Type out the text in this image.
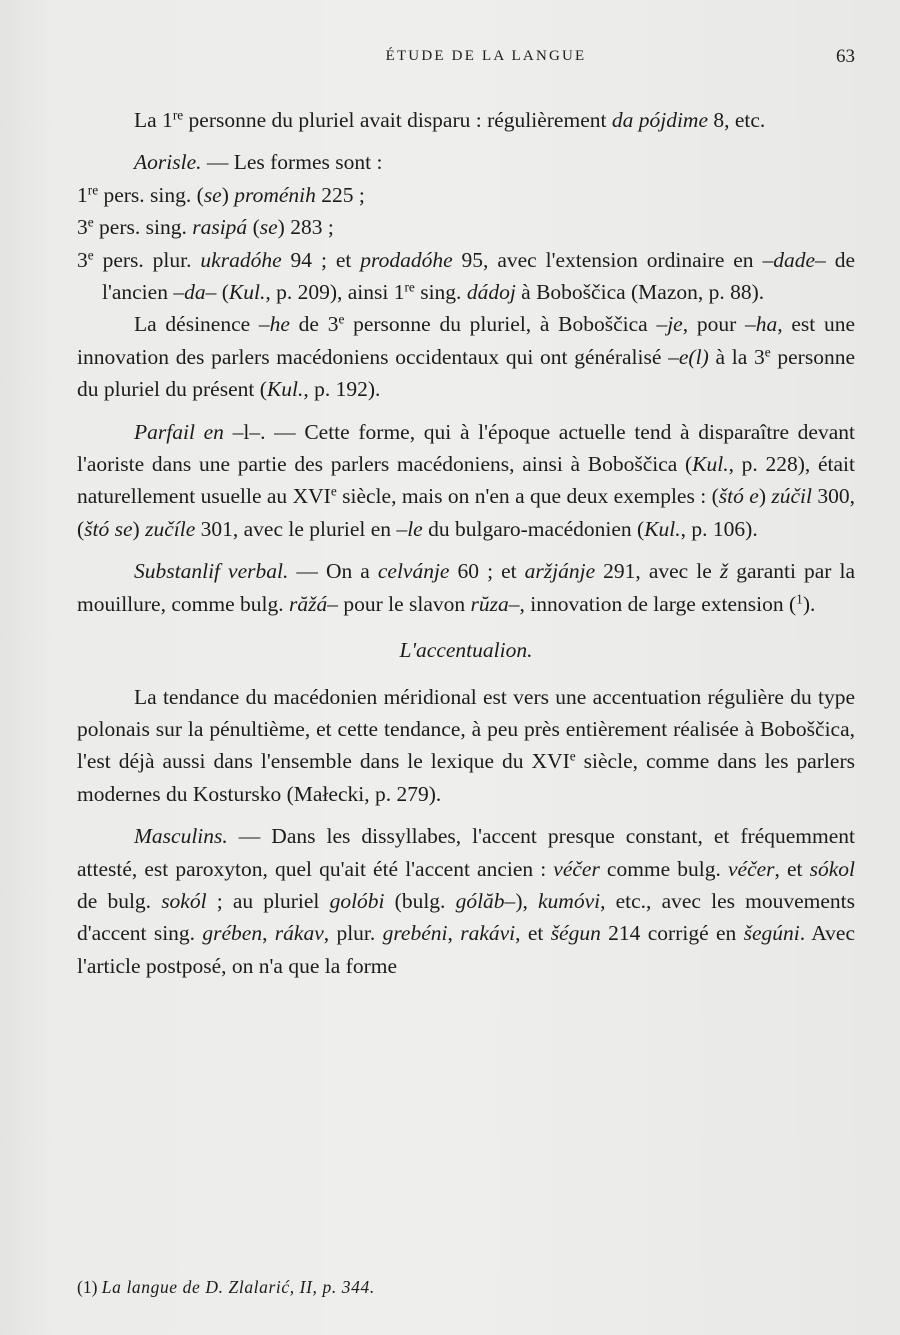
ÉTUDE DE LA LANGUE	63

La 1re personne du pluriel avait disparu : régulièrement da pójdime 8, etc.

Aorisle. — Les formes sont :

1re pers. sing. (se) proménih 225 ;

3e pers. sing. rasipá (se) 283 ;

3e pers. plur. ukradóhe 94 ; et prodadóhe 95, avec l'extension ordinaire en –dade– de l'ancien –da– (Kul., p. 209), ainsi 1re sing. dádoj à Boboščica (Mazon, p. 88).

La désinence –he de 3e personne du pluriel, à Boboščica –je, pour –ha, est une innovation des parlers macédoniens occidentaux qui ont généralisé –e(l) à la 3e personne du pluriel du présent (Kul., p. 192).

Parfail en –l–. — Cette forme, qui à l'époque actuelle tend à disparaître devant l'aoriste dans une partie des parlers macédoniens, ainsi à Boboščica (Kul., p. 228), était naturellement usuelle au XVIe siècle, mais on n'en a que deux exemples : (štó e) zúčil 300, (štó se) zučíle 301, avec le pluriel en –le du bulgaro-macédonien (Kul., p. 106).

Substanlif verbal. — On a celvánje 60 ; et aržjánje 291, avec le ž garanti par la mouillure, comme bulg. răžá– pour le slavon rŭza–, innovation de large extension ($^1$).

L'accentualion.

La tendance du macédonien méridional est vers une accentuation régulière du type polonais sur la pénultième, et cette tendance, à peu près entièrement réalisée à Boboščica, l'est déjà aussi dans l'ensemble dans le lexique du XVIe siècle, comme dans les parlers modernes du Kostursko (Małecki, p. 279).

Masculins. — Dans les dissyllabes, l'accent presque constant, et fréquemment attesté, est paroxyton, quel qu'ait été l'accent ancien : véčer comme bulg. véčer, et sókol de bulg. sokól ; au pluriel golóbi (bulg. gólăb–), kumóvi, etc., avec les mouvements d'accent sing. grében, rákav, plur. grebéni, rakávi, et šégun 214 corrigé en šegúni. Avec l'article postposé, on n'a que la forme

(1) La langue de D. Zlalarić, II, p. 344.
